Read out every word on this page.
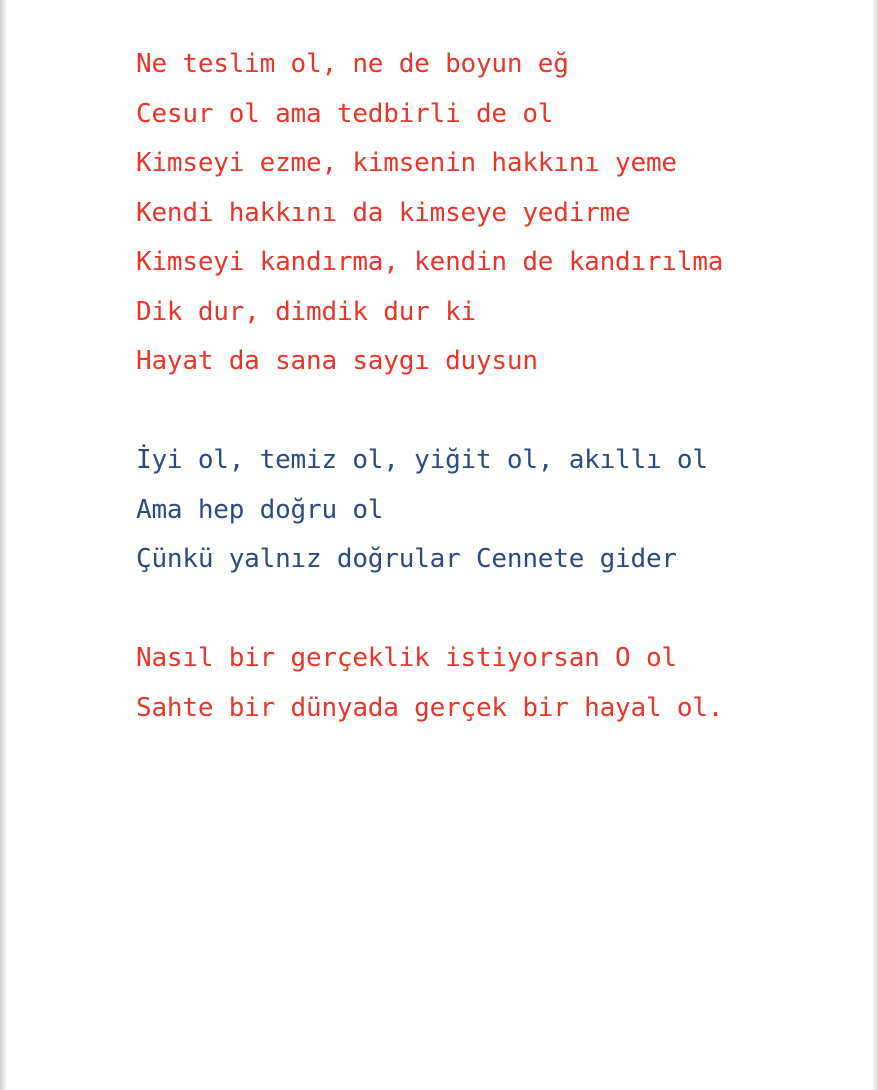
Ne teslim ol, ne de boyun eğ
Cesur ol ama tedbirli de ol
Kimseyi ezme, kimsenin hakkını yeme
Kendi hakkını da kimseye yedirme
Kimseyi kandırma, kendin de kandırılma
Dik dur, dimdik dur ki
Hayat da sana saygı duysun
İyi ol, temiz ol, yiğit ol, akıllı ol
Ama hep doğru ol
Çünkü yalnız doğrular Cennete gider
Nasıl bir gerçeklik istiyorsan O ol
Sahte bir dünyada gerçek bir hayal ol.
